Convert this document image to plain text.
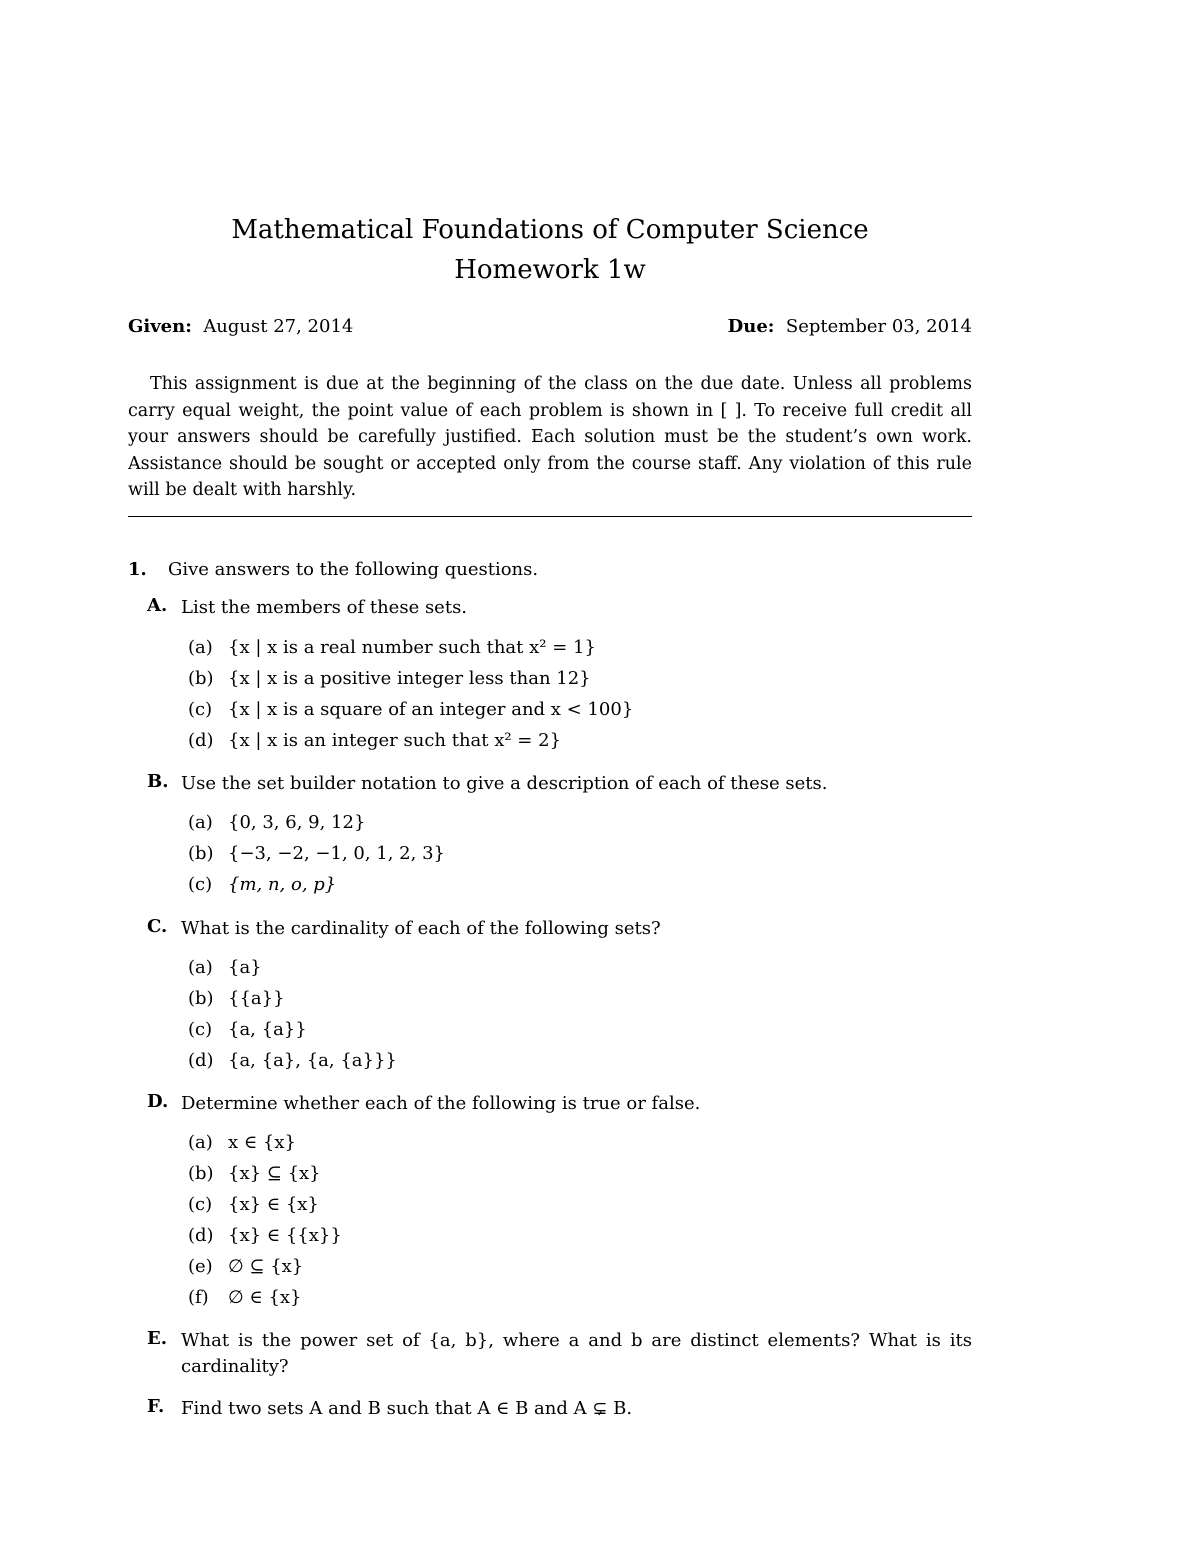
Mathematical Foundations of Computer Science
Homework 1w
Given: August 27, 2014	Due: September 03, 2014
This assignment is due at the beginning of the class on the due date. Unless all problems carry equal weight, the point value of each problem is shown in [ ]. To receive full credit all your answers should be carefully justified. Each solution must be the student’s own work. Assistance should be sought or accepted only from the course staff. Any violation of this rule will be dealt with harshly.
1. Give answers to the following questions.
A. List the members of these sets.
(a) {x | x is a real number such that x² = 1}
(b) {x | x is a positive integer less than 12}
(c) {x | x is a square of an integer and x < 100}
(d) {x | x is an integer such that x² = 2}
B. Use the set builder notation to give a description of each of these sets.
(a) {0, 3, 6, 9, 12}
(b) {−3, −2, −1, 0, 1, 2, 3}
(c) {m, n, o, p}
C. What is the cardinality of each of the following sets?
(a) {a}
(b) {{a}}
(c) {a, {a}}
(d) {a, {a}, {a, {a}}}
D. Determine whether each of the following is true or false.
(a) x ∈ {x}
(b) {x} ⊆ {x}
(c) {x} ∈ {x}
(d) {x} ∈ {{x}}
(e) ∅ ⊆ {x}
(f) ∅ ∈ {x}
E. What is the power set of {a, b}, where a and b are distinct elements? What is its cardinality?
F. Find two sets A and B such that A ∈ B and A ⊊ B.
